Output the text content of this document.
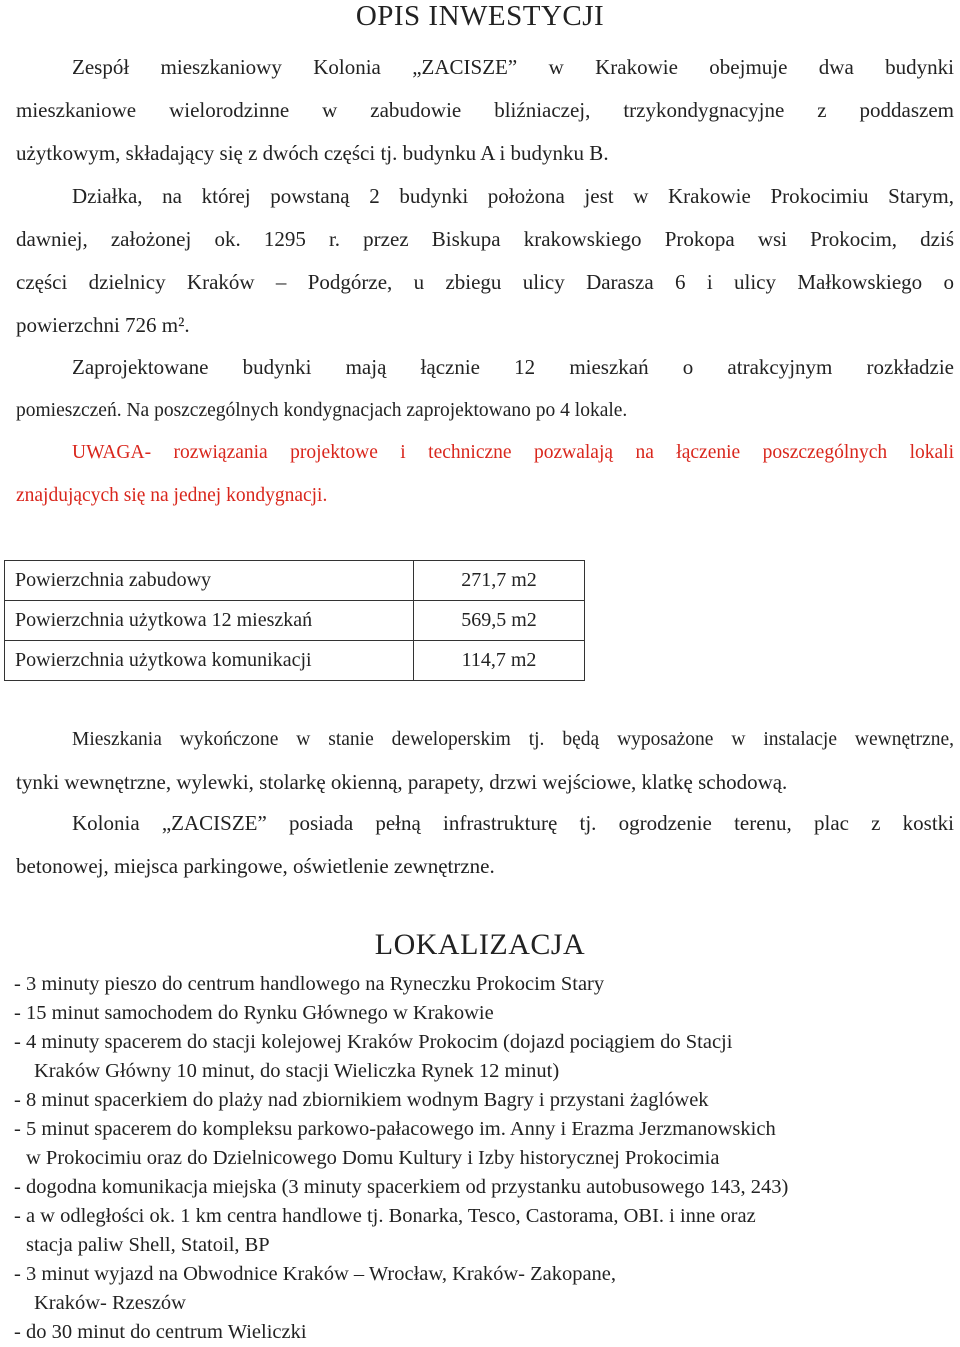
OPIS INWESTYCJI
Zespół mieszkaniowy Kolonia „ZACISZE” w Krakowie obejmuje dwa budynki
mieszkaniowe wielorodzinne w zabudowie bliźniaczej, trzykondygnacyjne z poddaszem
użytkowym, składający się z dwóch części tj. budynku A i budynku B.
Działka, na której powstaną 2 budynki położona jest w Krakowie Prokocimiu Starym,
dawniej, założonej ok. 1295 r. przez Biskupa krakowskiego Prokopa wsi Prokocim, dziś
części dzielnicy Kraków – Podgórze, u zbiegu ulicy Darasza 6 i ulicy Małkowskiego o
powierzchni 726 m².
Zaprojektowane budynki mają łącznie 12 mieszkań o atrakcyjnym rozkładzie
pomieszczeń. Na poszczególnych kondygnacjach zaprojektowano po 4 lokale.
UWAGA- rozwiązania projektowe i techniczne pozwalają na łączenie poszczególnych lokali
znajdujących się na jednej kondygnacji.
Powierzchnia zabudowy	271,7 m2
Powierzchnia użytkowa 12 mieszkań	569,5 m2
Powierzchnia użytkowa komunikacji	114,7 m2
Mieszkania wykończone w stanie deweloperskim tj. będą wyposażone w instalacje wewnętrzne,
tynki wewnętrzne, wylewki, stolarkę okienną, parapety, drzwi wejściowe, klatkę schodową.
Kolonia „ZACISZE” posiada pełną infrastrukturę tj. ogrodzenie terenu, plac z kostki
betonowej, miejsca parkingowe, oświetlenie zewnętrzne.
LOKALIZACJA
- 3 minuty pieszo do centrum handlowego na Ryneczku Prokocim Stary
- 15 minut samochodem do Rynku Głównego w Krakowie
- 4 minuty spacerem do stacji kolejowej Kraków Prokocim (dojazd pociągiem do Stacji
Kraków Główny 10 minut, do stacji Wieliczka Rynek 12 minut)
- 8 minut spacerkiem do plaży nad zbiornikiem wodnym Bagry i przystani żaglówek
- 5 minut spacerem do kompleksu parkowo-pałacowego im. Anny i Erazma Jerzmanowskich
w Prokocimiu oraz do Dzielnicowego Domu Kultury i Izby historycznej Prokocimia
- dogodna komunikacja miejska (3 minuty spacerkiem od przystanku autobusowego 143, 243)
- a w odległości ok. 1 km centra handlowe tj. Bonarka, Tesco, Castorama, OBI. i inne oraz
stacja paliw Shell, Statoil, BP
- 3 minut wyjazd na Obwodnice Kraków – Wrocław, Kraków- Zakopane,
Kraków- Rzeszów
- do 30 minut do centrum Wieliczki
